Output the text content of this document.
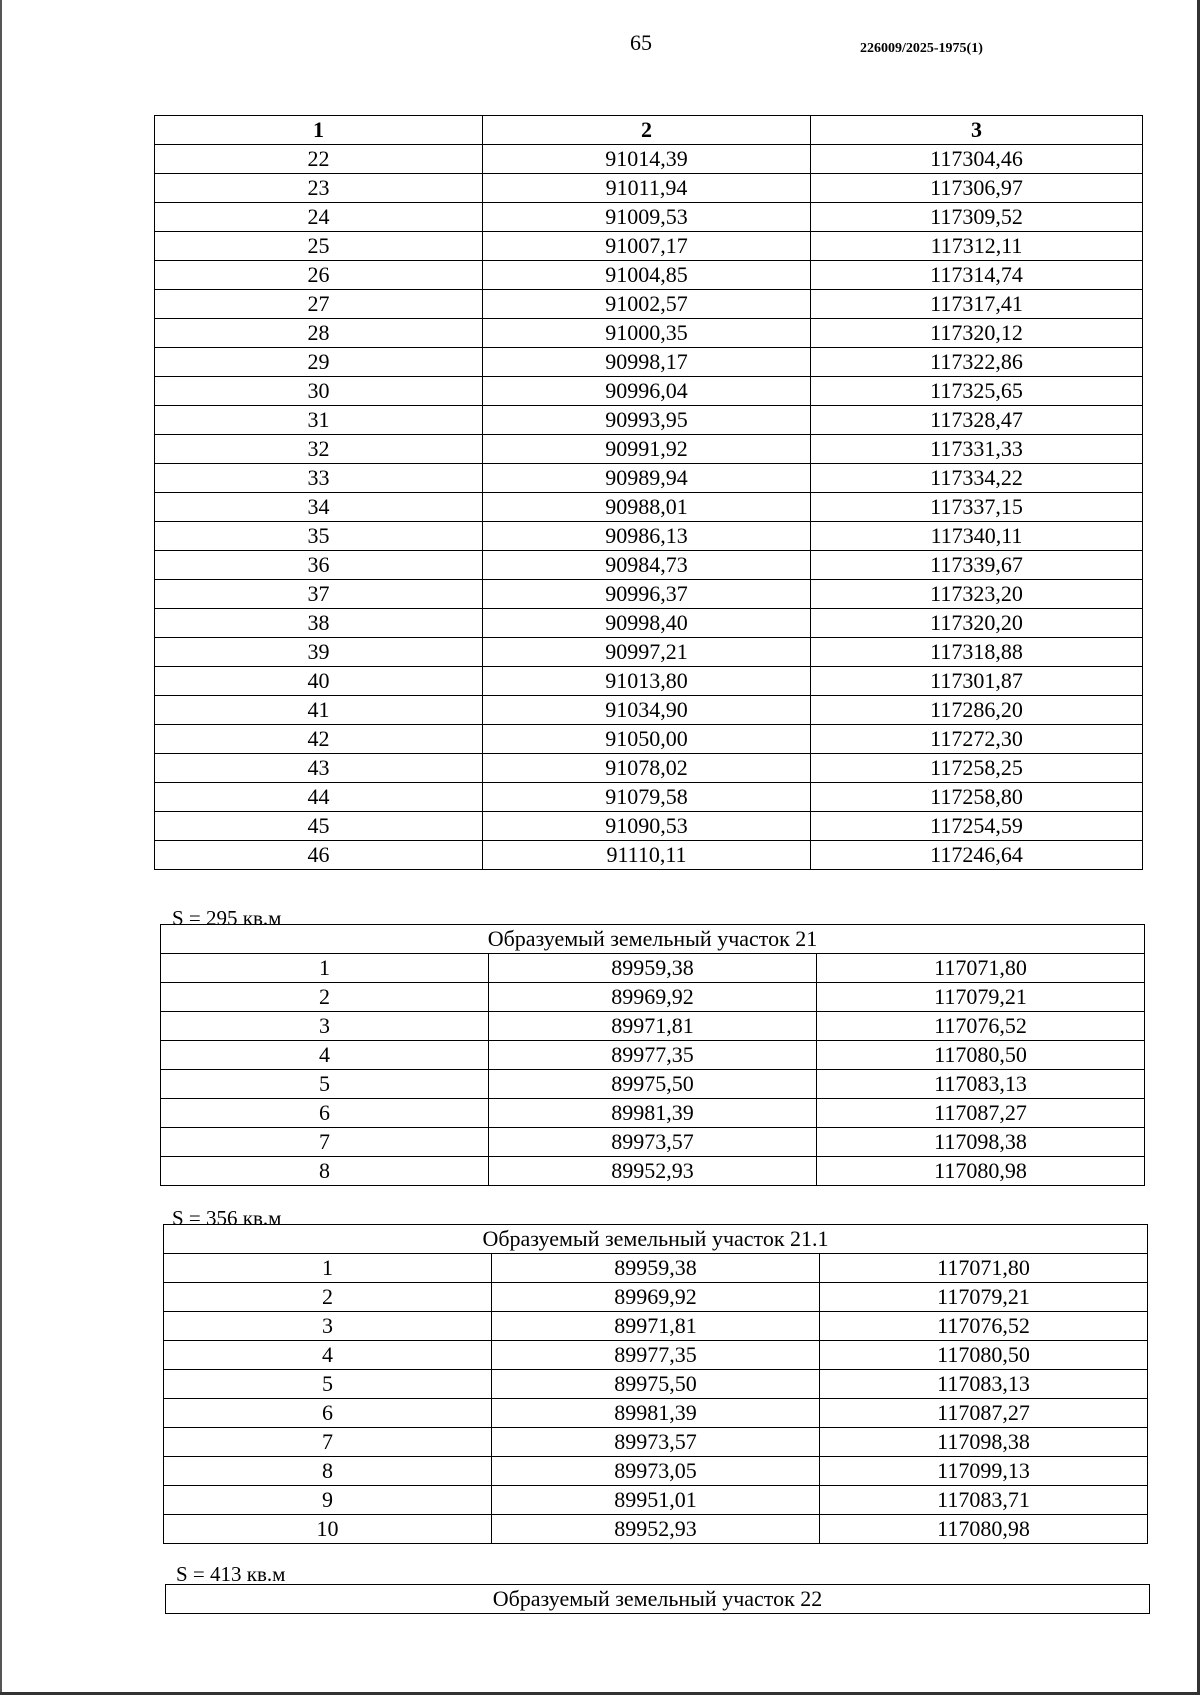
65	226009/2025-1975(1)
1	2	3
22	91014,39	117304,46
23	91011,94	117306,97
24	91009,53	117309,52
25	91007,17	117312,11
26	91004,85	117314,74
27	91002,57	117317,41
28	91000,35	117320,12
29	90998,17	117322,86
30	90996,04	117325,65
31	90993,95	117328,47
32	90991,92	117331,33
33	90989,94	117334,22
34	90988,01	117337,15
35	90986,13	117340,11
36	90984,73	117339,67
37	90996,37	117323,20
38	90998,40	117320,20
39	90997,21	117318,88
40	91013,80	117301,87
41	91034,90	117286,20
42	91050,00	117272,30
43	91078,02	117258,25
44	91079,58	117258,80
45	91090,53	117254,59
46	91110,11	117246,64
S = 295 кв.м
Образуемый земельный участок 21		
1	89959,38	117071,80
2	89969,92	117079,21
3	89971,81	117076,52
4	89977,35	117080,50
5	89975,50	117083,13
6	89981,39	117087,27
7	89973,57	117098,38
8	89952,93	117080,98
S = 356 кв.м
Образуемый земельный участок 21.1		
1	89959,38	117071,80
2	89969,92	117079,21
3	89971,81	117076,52
4	89977,35	117080,50
5	89975,50	117083,13
6	89981,39	117087,27
7	89973,57	117098,38
8	89973,05	117099,13
9	89951,01	117083,71
10	89952,93	117080,98
S = 413 кв.м
Образуемый земельный участок 22
